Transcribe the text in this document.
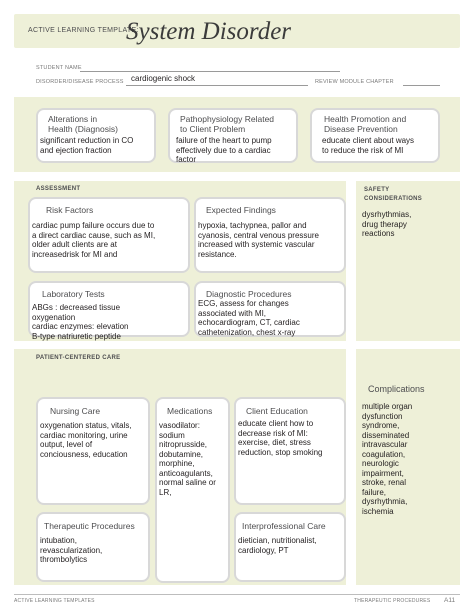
ACTIVE LEARNING TEMPLATE:
System Disorder
STUDENT NAME
DISORDER/DISEASE PROCESS cardiogenic shock	REVIEW MODULE CHAPTER
Alterations in
Health (Diagnosis)
significant reduction in CO
and ejection fraction
Pathophysiology Related
to Client Problem
failure of the heart to pump
effectively due to a cardiac
factor
Health Promotion and
Disease Prevention
educate client about ways
to reduce the risk of MI
ASSESSMENT
Risk Factors
cardiac pump failure occurs due to
a direct cardiac cause, such as MI,
older adult clients are at
increasedrisk for MI and
Expected Findings
hypoxia, tachypnea, pallor and
cyanosis, central venous pressure
increased with systemic vascular
resistance.
Laboratory Tests
ABGs : decreased tissue
oxygenation
cardiac enzymes: elevation
B-type natriuretic peptide
Diagnostic Procedures
ECG, assess for changes
associated with MI,
echocardiogram, CT, cardiac
cathetenization, chest x-ray
SAFETY
CONSIDERATIONS
dysrhythmias,
drug therapy
reactions
PATIENT-CENTERED CARE
Nursing Care
oxygenation status, vitals,
cardiac monitoring, urine
output, level of
conciousness, education
Medications
vasodilator:
sodium
nitroprusside,
dobutamine,
morphine,
anticoagulants,
normal saline or
LR,
Client Education
educate client how to
decrease risk of MI:
exercise, diet, stress
reduction, stop smoking
Therapeutic Procedures
intubation,
revascularization,
thrombolytics
Interprofessional Care
dietician, nutritionalist,
cardiology, PT
Complications
multiple organ
dysfunction
syndrome,
disseminated
intravascular
coagulation,
neurologic
impairment,
stroke, renal
failure,
dysrhythmia,
ischemia
ACTIVE LEARNING TEMPLATES	THERAPEUTIC PROCEDURES A11
